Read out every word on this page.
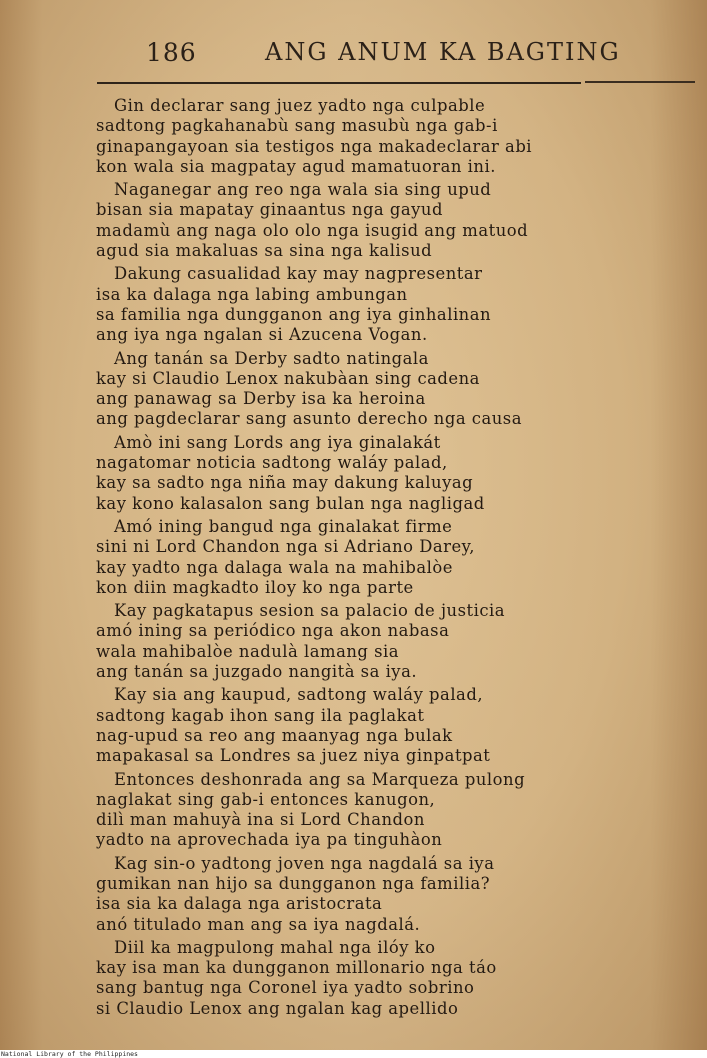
186	ANG ANUM KA BAGTING
Gin declarar sang juez yadto nga culpable
sadtong pagkahanabù sang masubù nga gab-i
ginapangayoan sia testigos nga makadeclarar abi
kon wala sia magpatay agud mamatuoran ini.
Naganegar ang reo nga wala sia sing upud
bisan sia mapatay ginaantus nga gayud
madamù ang naga olo olo nga isugid ang matuod
agud sia makaluas sa sina nga kalisud
Dakung casualidad kay may nagpresentar
isa ka dalaga nga labing ambungan
sa familia nga dungganon ang iya ginhalinan
ang iya nga ngalan si Azucena Vogan.
Ang tanán sa Derby sadto natingala
kay si Claudio Lenox nakubàan sing cadena
ang panawag sa Derby isa ka heroina
ang pagdeclarar sang asunto derecho nga causa
Amò ini sang Lords ang iya ginalakát
nagatomar noticia sadtong waláy palad,
kay sa sadto nga niña may dakung kaluyag
kay kono kalasalon sang bulan nga nagligad
Amó ining bangud nga ginalakat firme
sini ni Lord Chandon nga si Adriano Darey,
kay yadto nga dalaga wala na mahibalòe
kon diin magkadto iloy ko nga parte
Kay pagkatapus sesion sa palacio de justicia
amó ining sa periódico nga akon nabasa
wala mahibalòe nadulà lamang sia
ang tanán sa juzgado nangità sa iya.
Kay sia ang kaupud, sadtong waláy palad,
sadtong kagab ihon sang ila paglakat
nag-upud sa reo ang maanyag nga bulak
mapakasal sa Londres sa juez niya ginpatpat
Entonces deshonrada ang sa Marqueza pulong
naglakat sing gab-i entonces kanugon,
dilì man mahuyà ina si Lord Chandon
yadto na aprovechada iya pa tinguhàon
Kag sin-o yadtong joven nga nagdalá sa iya
gumikan nan hijo sa dungganon nga familia?
isa sia ka dalaga nga aristocrata
anó titulado man ang sa iya nagdalá.
Diil ka magpulong mahal nga ilóy ko
kay isa man ka dungganon millonario nga táo
sang bantug nga Coronel iya yadto sobrino
si Claudio Lenox ang ngalan kag apellido
National Library of the Philippines
